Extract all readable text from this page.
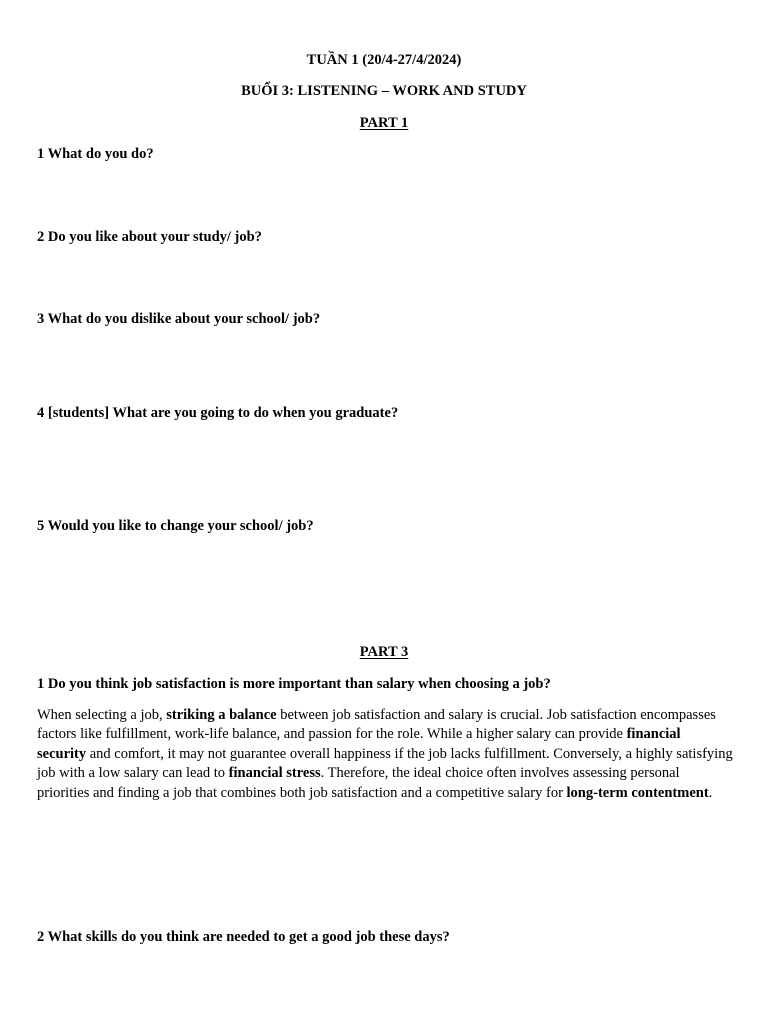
TUẦN 1 (20/4-27/4/2024)

BUỔI 3: LISTENING – WORK AND STUDY

PART 1

1 What do you do?

2 Do you like about your study/ job?

3 What do you dislike about your school/ job?

4 [students] What are you going to do when you graduate?

5 Would you like to change your school/ job?

PART 3

1 Do you think job satisfaction is more important than salary when choosing a job?

When selecting a job, striking a balance between job satisfaction and salary is crucial. Job satisfaction encompasses factors like fulfillment, work-life balance, and passion for the role. While a higher salary can provide financial security and comfort, it may not guarantee overall happiness if the job lacks fulfillment. Conversely, a highly satisfying job with a low salary can lead to financial stress. Therefore, the ideal choice often involves assessing personal priorities and finding a job that combines both job satisfaction and a competitive salary for long-term contentment.

2 What skills do you think are needed to get a good job these days?
